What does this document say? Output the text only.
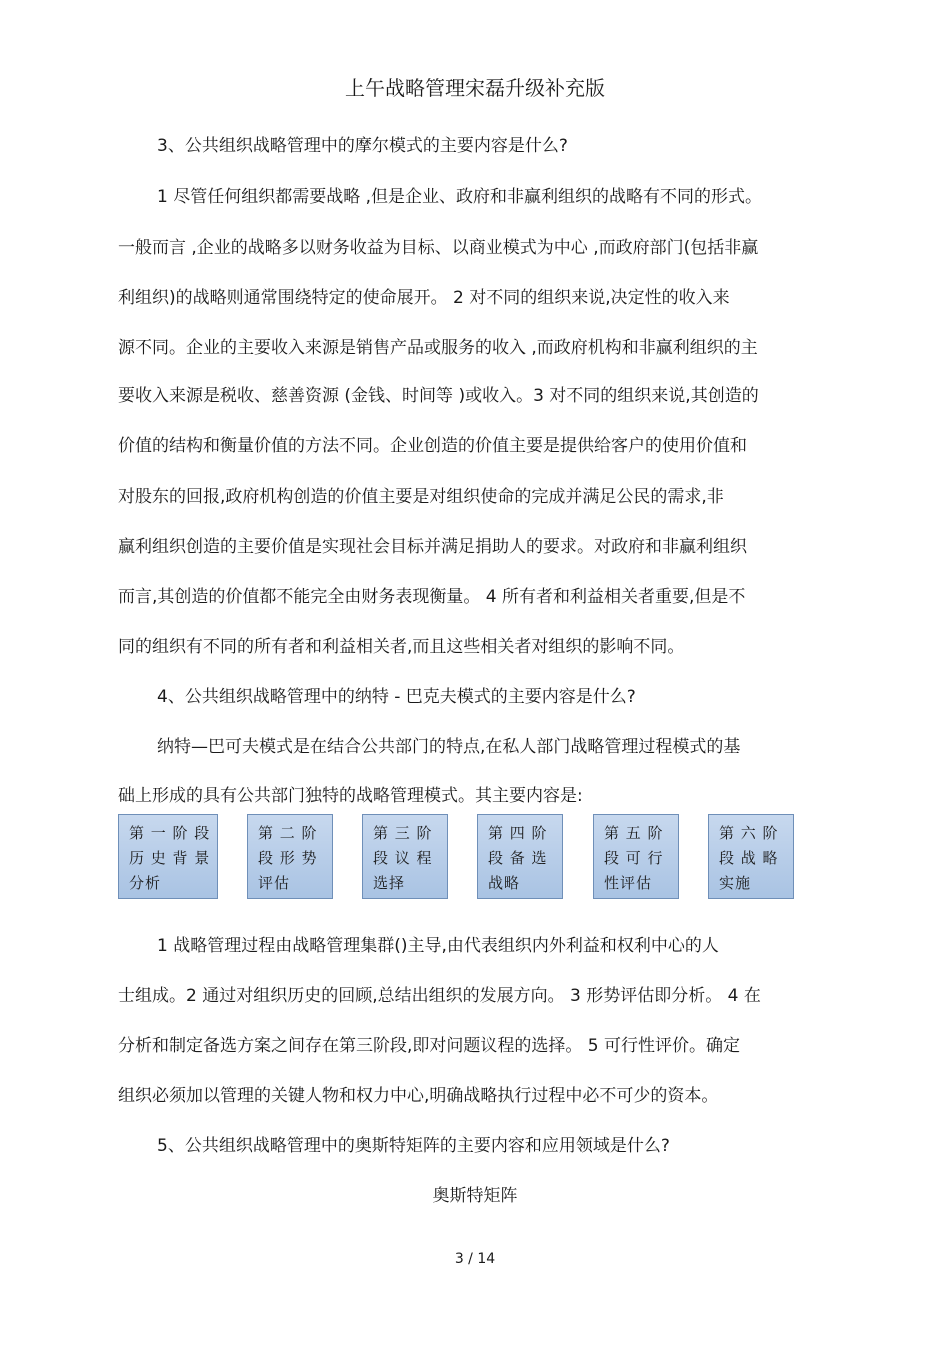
上午战略管理宋磊升级补充版
3、公共组织战略管理中的摩尔模式的主要内容是什么?
1 尽管任何组织都需要战略 ,但是企业、政府和非赢利组织的战略有不同的形式。
一般而言 ,企业的战略多以财务收益为目标、以商业模式为中心 ,而政府部门(包括非赢
利组织)的战略则通常围绕特定的使命展开。 2 对不同的组织来说,决定性的收入来
源不同。企业的主要收入来源是销售产品或服务的收入 ,而政府机构和非赢利组织的主
要收入来源是税收、慈善资源 (金钱、时间等 )或收入。3 对不同的组织来说,其创造的
价值的结构和衡量价值的方法不同。企业创造的价值主要是提供给客户的使用价值和
对股东的回报,政府机构创造的价值主要是对组织使命的完成并满足公民的需求,非
赢利组织创造的主要价值是实现社会目标并满足捐助人的要求。对政府和非赢利组织
而言,其创造的价值都不能完全由财务表现衡量。 4 所有者和利益相关者重要,但是不
同的组织有不同的所有者和利益相关者,而且这些相关者对组织的影响不同。
4、公共组织战略管理中的纳特 - 巴克夫模式的主要内容是什么?
纳特—巴可夫模式是在结合公共部门的特点,在私人部门战略管理过程模式的基
础上形成的具有公共部门独特的战略管理模式。其主要内容是:
第 一 阶 段
历 史 背 景
分析
第 二 阶
段 形 势
评估
第 三 阶
段 议 程
选择
第 四 阶
段 备 选
战略
第 五 阶
段 可 行
性评估
第 六 阶
段 战 略
实施
1 战略管理过程由战略管理集群()主导,由代表组织内外利益和权利中心的人
士组成。2 通过对组织历史的回顾,总结出组织的发展方向。 3 形势评估即分析。 4 在
分析和制定备选方案之间存在第三阶段,即对问题议程的选择。 5 可行性评价。确定
组织必须加以管理的关键人物和权力中心,明确战略执行过程中必不可少的资本。
5、公共组织战略管理中的奥斯特矩阵的主要内容和应用领域是什么?
奥斯特矩阵
3 / 14
